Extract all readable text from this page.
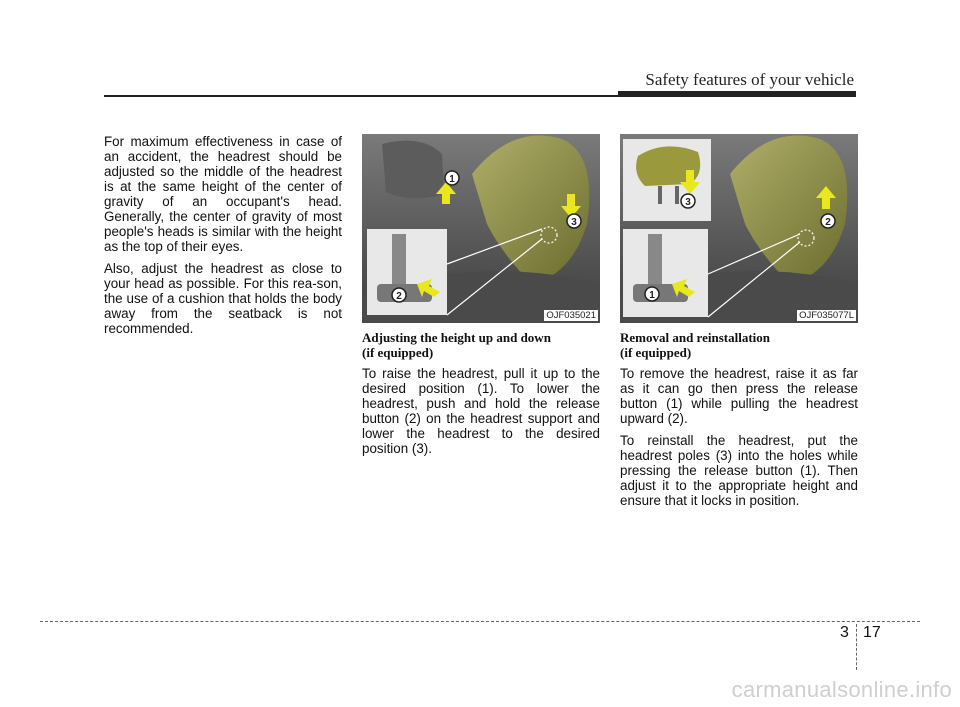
Safety features of your vehicle

For maximum effectiveness in case of an accident, the headrest should be adjusted so the middle of the headrest is at the same height of the center of gravity of an occupant's head. Generally, the center of gravity of most people's heads is similar with the height as the top of their eyes.

Also, adjust the headrest as close to your head as possible. For this rea-son, the use of a cushion that holds the body away from the seatback is not recommended.

1
2
3
OJF035021
Adjusting the height up and down
(if equipped)

To raise the headrest, pull it up to the desired position (1). To lower the headrest, push and hold the release button (2) on the headrest support and lower the headrest to the desired position (3).

1
2
3
OJF035077L
Removal and reinstallation
(if equipped)

To remove the headrest, raise it as far as it can go then press the release button (1) while pulling the headrest upward (2).

To reinstall the headrest, put the headrest poles (3) into the holes while pressing the release button (1). Then adjust it to the appropriate height and ensure that it locks in position.

3 17
carmanualsonline.info
